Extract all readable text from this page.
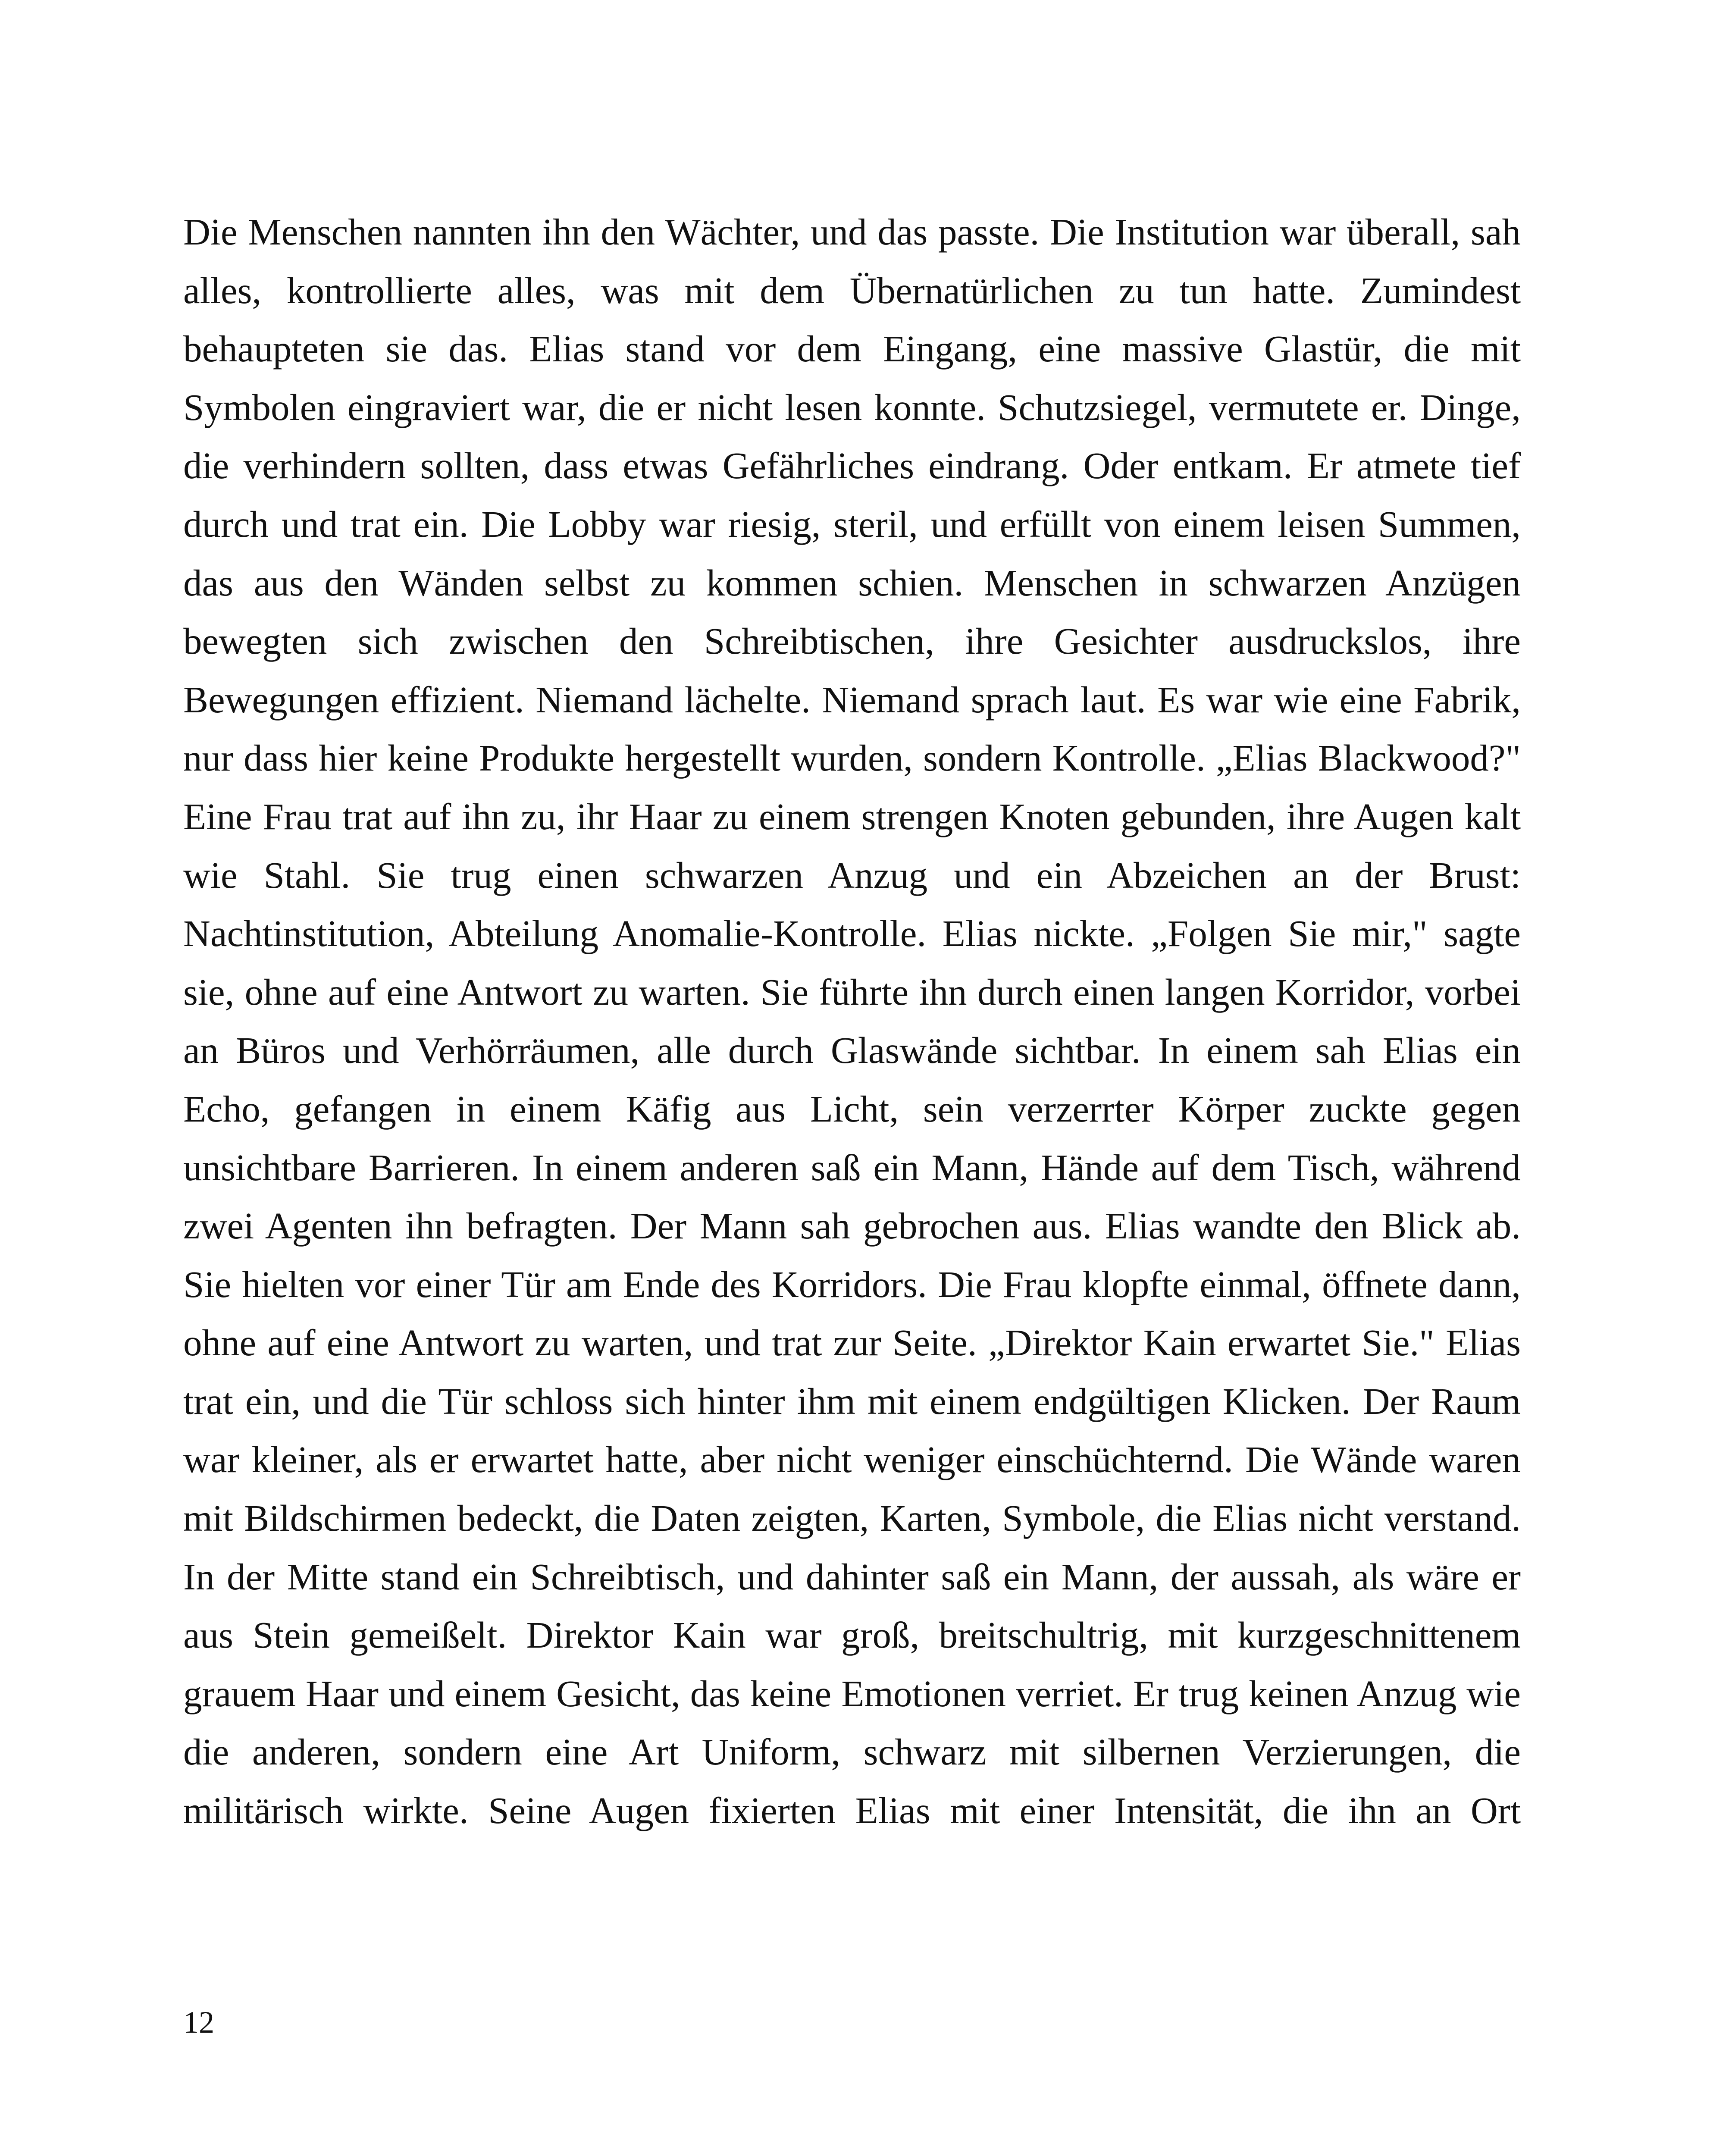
Die Menschen nannten ihn den Wächter, und das passte. Die Institution war überall, sah alles, kontrollierte alles, was mit dem Übernatürlichen zu tun hatte. Zumindest behaupteten sie das. Elias stand vor dem Eingang, eine massive Glastür, die mit Symbolen eingraviert war, die er nicht lesen konnte. Schutzsiegel, vermutete er. Dinge, die verhindern sollten, dass etwas Gefährliches eindrang. Oder entkam. Er atmete tief durch und trat ein. Die Lobby war riesig, steril, und erfüllt von einem leisen Summen, das aus den Wänden selbst zu kommen schien. Menschen in schwarzen Anzügen bewegten sich zwischen den Schreibtischen, ihre Gesichter ausdruckslos, ihre Bewegungen effizient. Niemand lächelte. Niemand sprach laut. Es war wie eine Fabrik, nur dass hier keine Produkte hergestellt wurden, sondern Kontrolle. „Elias Blackwood?" Eine Frau trat auf ihn zu, ihr Haar zu einem strengen Knoten gebunden, ihre Augen kalt wie Stahl. Sie trug einen schwarzen Anzug und ein Abzeichen an der Brust: Nachtinstitution, Abteilung Anomalie-Kontrolle. Elias nickte. „Folgen Sie mir," sagte sie, ohne auf eine Antwort zu warten. Sie führte ihn durch einen langen Korridor, vorbei an Büros und Verhörräumen, alle durch Glaswände sichtbar. In einem sah Elias ein Echo, gefangen in einem Käfig aus Licht, sein verzerrter Körper zuckte gegen unsichtbare Barrieren. In einem anderen saß ein Mann, Hände auf dem Tisch, während zwei Agenten ihn befragten. Der Mann sah gebrochen aus. Elias wandte den Blick ab. Sie hielten vor einer Tür am Ende des Korridors. Die Frau klopfte einmal, öffnete dann, ohne auf eine Antwort zu warten, und trat zur Seite. „Direktor Kain erwartet Sie." Elias trat ein, und die Tür schloss sich hinter ihm mit einem endgültigen Klicken. Der Raum war kleiner, als er erwartet hatte, aber nicht weniger einschüchternd. Die Wände waren mit Bildschirmen bedeckt, die Daten zeigten, Karten, Symbole, die Elias nicht verstand. In der Mitte stand ein Schreibtisch, und dahinter saß ein Mann, der aussah, als wäre er aus Stein gemeißelt. Direktor Kain war groß, breitschultrig, mit kurzgeschnittenem grauem Haar und einem Gesicht, das keine Emotionen verriet. Er trug keinen Anzug wie die anderen, sondern eine Art Uniform, schwarz mit silbernen Verzierungen, die militärisch wirkte. Seine Augen fixierten Elias mit einer Intensität, die ihn an Ort

12
